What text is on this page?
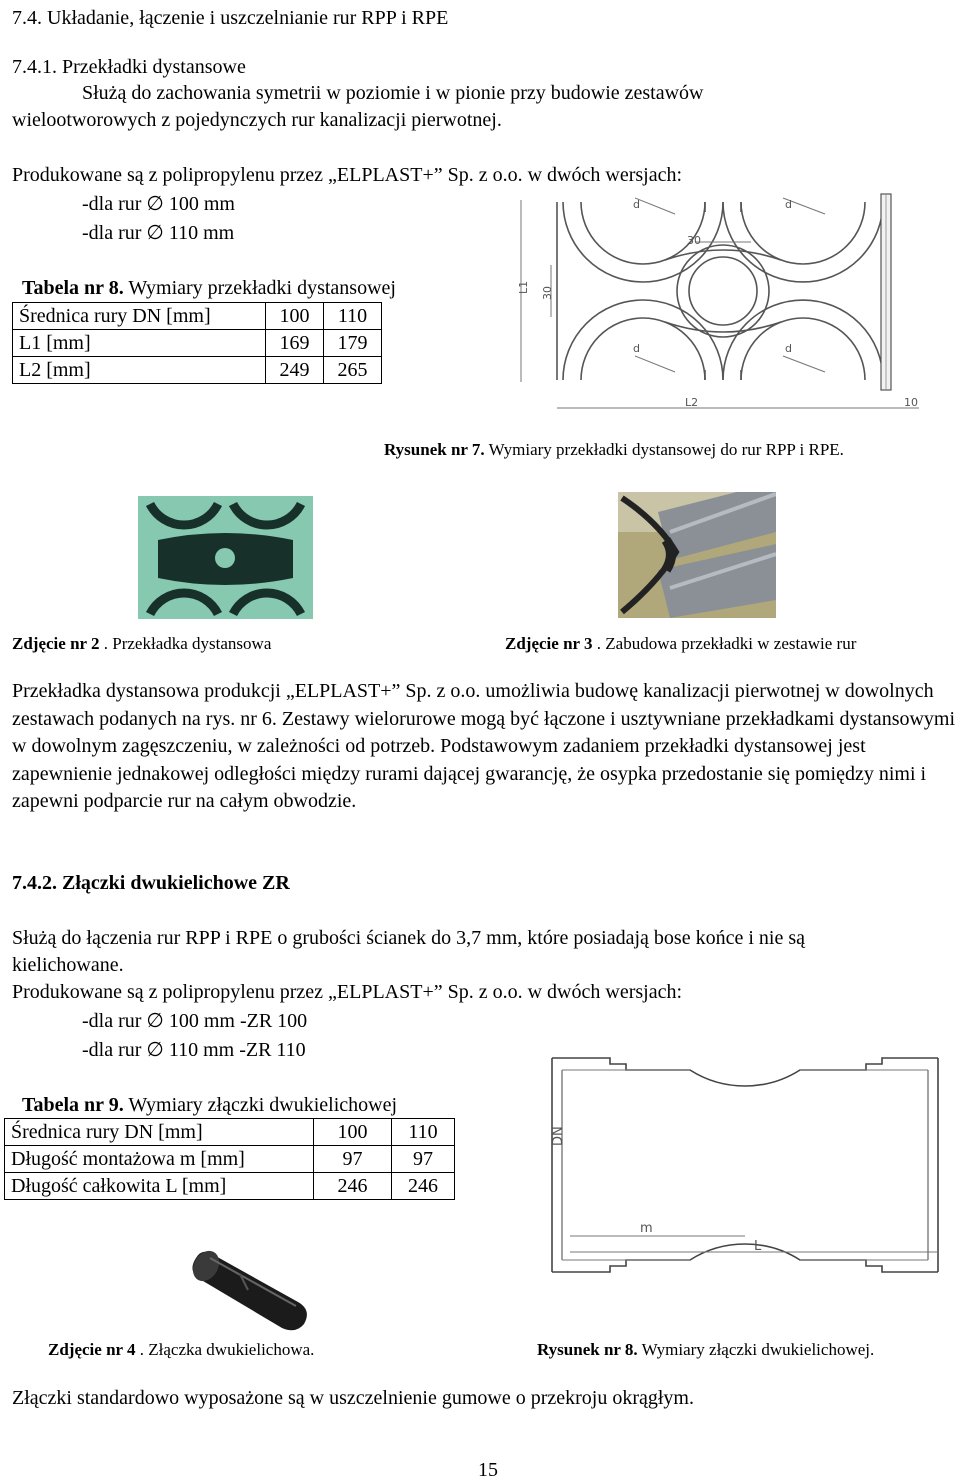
7.4. Układanie, łączenie i uszczelnianie rur RPP i RPE
7.4.1. Przekładki dystansowe
Służą do zachowania symetrii w poziomie i w pionie przy budowie zestawów
wielootworowych z pojedynczych rur kanalizacji pierwotnej.
Produkowane są z polipropylenu przez „ELPLAST+” Sp. z o.o. w dwóch wersjach:
-dla rur ∅ 100 mm
-dla rur ∅ 110 mm
Tabela nr 8. Wymiary przekładki dystansowej
Średnica rury DN [mm]	100	110
L1 [mm]	169	179
L2 [mm]	249	265
d	d
d	d
30
L1 30
L2	10
Rysunek nr 7. Wymiary przekładki dystansowej do rur RPP i RPE.
Zdjęcie nr 2 . Przekładka dystansowa	Zdjęcie nr 3 . Zabudowa przekładki w zestawie rur
Przekładka dystansowa produkcji „ELPLAST+” Sp. z o.o. umożliwia budowę kanalizacji pierwotnej w dowolnych zestawach podanych na rys. nr 6. Zestawy wielorurowe mogą być łączone i usztywniane przekładkami dystansowymi w dowolnym zagęszczeniu, w zależności od potrzeb. Podstawowym zadaniem przekładki dystansowej jest zapewnienie jednakowej odległości między rurami dającej gwarancję, że osypka przedostanie się pomiędzy nimi i zapewni podparcie rur na całym obwodzie.
7.4.2. Złączki dwukielichowe ZR
Służą do łączenia rur RPP i RPE o grubości ścianek do 3,7 mm, które posiadają bose końce i nie są
kielichowane.
Produkowane są z polipropylenu przez „ELPLAST+” Sp. z o.o. w dwóch wersjach:
-dla rur ∅ 100 mm -ZR 100
-dla rur ∅ 110 mm -ZR 110
Tabela nr 9. Wymiary złączki dwukielichowej
Średnica rury DN [mm]	100	110
Długość montażowa m [mm]	97	97
Długość całkowita L [mm]	246	246
DN
m
L
Zdjęcie nr 4 . Złączka dwukielichowa.	Rysunek nr 8. Wymiary złączki dwukielichowej.
Złączki standardowo wyposażone są w uszczelnienie gumowe o przekroju okrągłym.
15
